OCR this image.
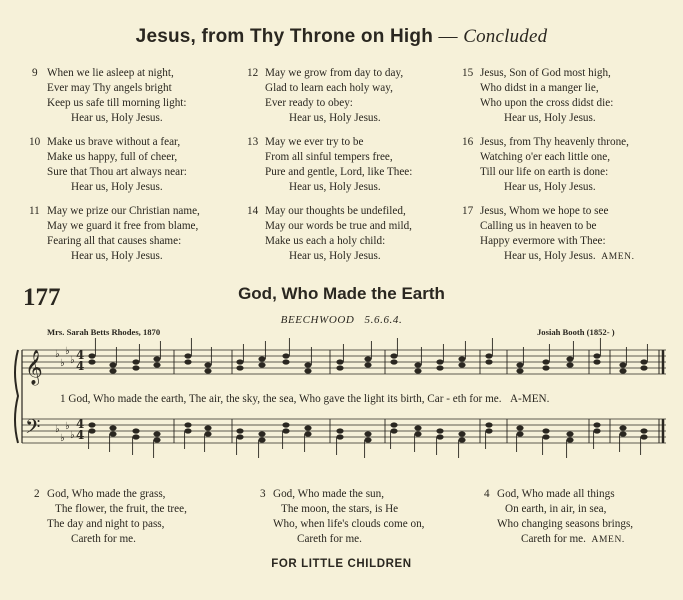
Jesus, from Thy Throne on High — Concluded
9 When we lie asleep at night,
Ever may Thy angels bright
Keep us safe till morning light:
Hear us, Holy Jesus.
10 Make us brave without a fear,
Make us happy, full of cheer,
Sure that Thou art always near:
Hear us, Holy Jesus.
11 May we prize our Christian name,
May we guard it free from blame,
Fearing all that causes shame:
Hear us, Holy Jesus.
12 May we grow from day to day,
Glad to learn each holy way,
Ever ready to obey:
Hear us, Holy Jesus.
13 May we ever try to be
From all sinful tempers free,
Pure and gentle, Lord, like Thee:
Hear us, Holy Jesus.
14 May our thoughts be undefiled,
May our words be true and mild,
Make us each a holy child:
Hear us, Holy Jesus.
15 Jesus, Son of God most high,
Who didst in a manger lie,
Who upon the cross didst die:
Hear us, Holy Jesus.
16 Jesus, from Thy heavenly throne,
Watching o'er each little one,
Till our life on earth is done:
Hear us, Holy Jesus.
17 Jesus, Whom we hope to see
Calling us in heaven to be
Happy evermore with Thee:
Hear us, Holy Jesus. AMEN.
177	God, Who Made the Earth
BEECHWOOD 5.6.6.4.
Mrs. Sarah Betts Rhodes, 1870	Josiah Booth (1852- )
𝄞
𝄢
♭
♭
♭
♭
♭
♭
♭
♭
4
4
4
4
1 God, Who made the earth, The air, the sky, the sea, Who gave the light its birth, Car - eth for me. A-MEN.
2 God, Who made the grass,
The flower, the fruit, the tree,
The day and night to pass,
Careth for me.
3 God, Who made the sun,
The moon, the stars, is He
Who, when life's clouds come on,
Careth for me.
4 God, Who made all things
On earth, in air, in sea,
Who changing seasons brings,
Careth for me. AMEN.
FOR LITTLE CHILDREN
